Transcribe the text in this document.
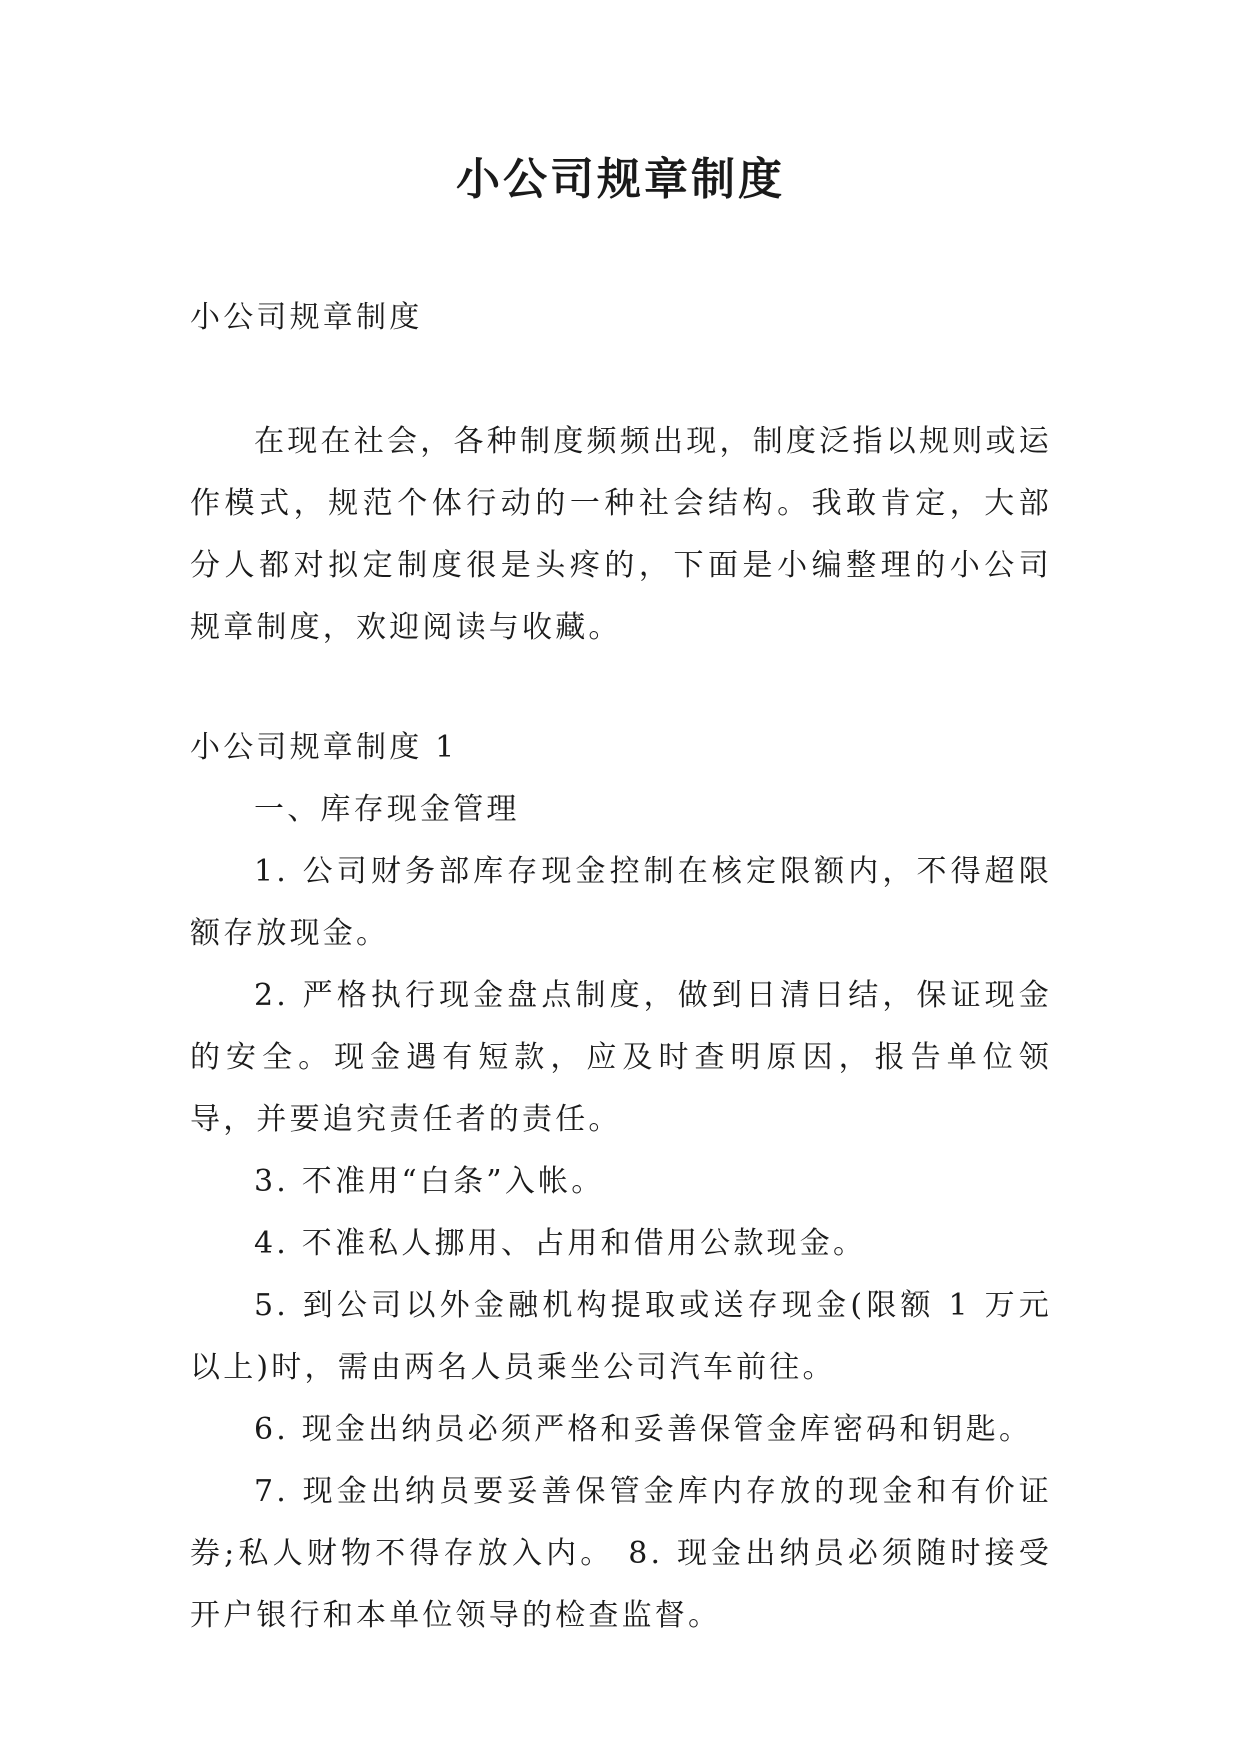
小公司规章制度

小公司规章制度

在现在社会，各种制度频频出现，制度泛指以规则或运作模式，规范个体行动的一种社会结构。我敢肯定，大部分人都对拟定制度很是头疼的，下面是小编整理的小公司规章制度，欢迎阅读与收藏。

小公司规章制度 1

一、库存现金管理

1. 公司财务部库存现金控制在核定限额内，不得超限额存放现金。

2. 严格执行现金盘点制度，做到日清日结，保证现金的安全。现金遇有短款，应及时查明原因，报告单位领导，并要追究责任者的责任。

3. 不准用“白条”入帐。

4. 不准私人挪用、占用和借用公款现金。

5. 到公司以外金融机构提取或送存现金(限额 1 万元以上)时，需由两名人员乘坐公司汽车前往。

6. 现金出纳员必须严格和妥善保管金库密码和钥匙。

7. 现金出纳员要妥善保管金库内存放的现金和有价证券;私人财物不得存放入内。 8. 现金出纳员必须随时接受开户银行和本单位领导的检查监督。
